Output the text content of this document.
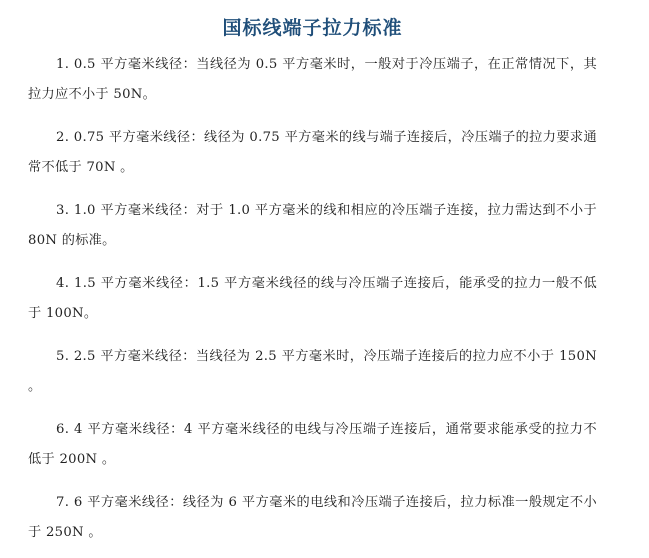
国标线端子拉力标准

1. 0.5 平方毫米线径：当线径为 0.5 平方毫米时，一般对于冷压端子，在正常情况下，其拉力应不小于 50N。

2. 0.75 平方毫米线径：线径为 0.75 平方毫米的线与端子连接后，冷压端子的拉力要求通常不低于 70N 。

3. 1.0 平方毫米线径：对于 1.0 平方毫米的线和相应的冷压端子连接，拉力需达到不小于 80N 的标准。

4. 1.5 平方毫米线径：1.5 平方毫米线径的线与冷压端子连接后，能承受的拉力一般不低于 100N。

5. 2.5 平方毫米线径：当线径为 2.5 平方毫米时，冷压端子连接后的拉力应不小于 150N 。

6. 4 平方毫米线径：4 平方毫米线径的电线与冷压端子连接后，通常要求能承受的拉力不低于 200N 。

7. 6 平方毫米线径：线径为 6 平方毫米的电线和冷压端子连接后，拉力标准一般规定不小于 250N 。
